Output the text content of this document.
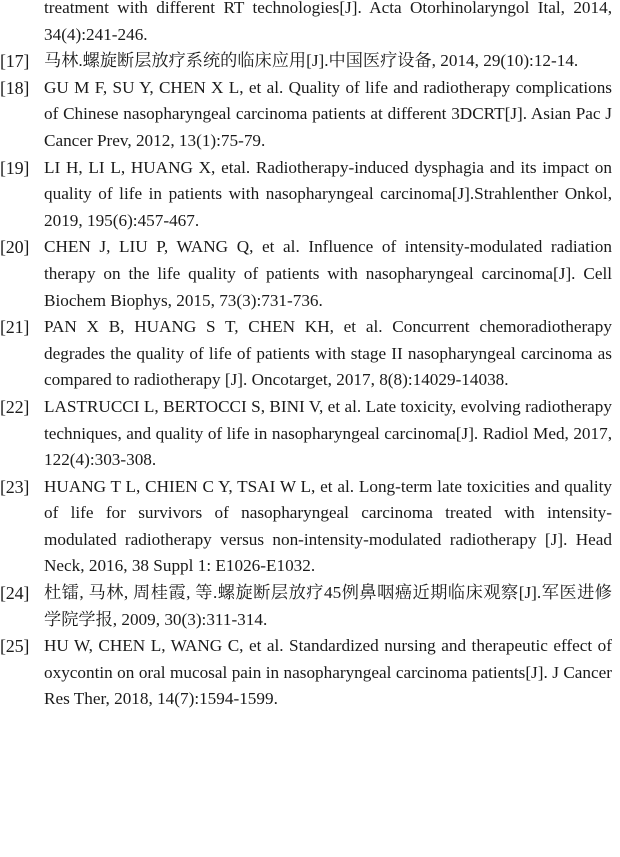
treatment with different RT technologies[J]. Acta Otorhinolaryngol Ital, 2014, 34(4):241-246.
[17] 马林.螺旋断层放疗系统的临床应用[J].中国医疗设备, 2014, 29(10):12-14.
[18] GU M F, SU Y, CHEN X L, et al. Quality of life and radiotherapy complications of Chinese nasopharyngeal carcinoma patients at different 3DCRT[J]. Asian Pac J Cancer Prev, 2012, 13(1):75-79.
[19] LI H, LI L, HUANG X, etal. Radiotherapy-induced dysphagia and its impact on quality of life in patients with nasopharyngeal carcinoma[J].Strahlenther Onkol, 2019, 195(6):457-467.
[20] CHEN J, LIU P, WANG Q, et al. Influence of intensity-modulated radiation therapy on the life quality of patients with nasopharyngeal carcinoma[J]. Cell Biochem Biophys, 2015, 73(3):731-736.
[21] PAN X B, HUANG S T, CHEN KH, et al. Concurrent chemoradiotherapy degrades the quality of life of patients with stage II nasopharyngeal carcinoma as compared to radiotherapy [J]. Oncotarget, 2017, 8(8):14029-14038.
[22] LASTRUCCI L, BERTOCCI S, BINI V, et al. Late toxicity, evolving radiotherapy techniques, and quality of life in nasopharyngeal carcinoma[J]. Radiol Med, 2017, 122(4):303-308.
[23] HUANG T L, CHIEN C Y, TSAI W L, et al. Long-term late toxicities and quality of life for survivors of nasopharyngeal carcinoma treated with intensity-modulated radiotherapy versus non-intensity-modulated radiotherapy [J]. Head Neck, 2016, 38 Suppl 1: E1026-E1032.
[24] 杜镭, 马林, 周桂霞, 等.螺旋断层放疗45例鼻咽癌近期临床观察[J].军医进修学院学报, 2009, 30(3):311-314.
[25] HU W, CHEN L, WANG C, et al. Standardized nursing and therapeutic effect of oxycontin on oral mucosal pain in nasopharyngeal carcinoma patients[J]. J Cancer Res Ther, 2018, 14(7):1594-1599.
